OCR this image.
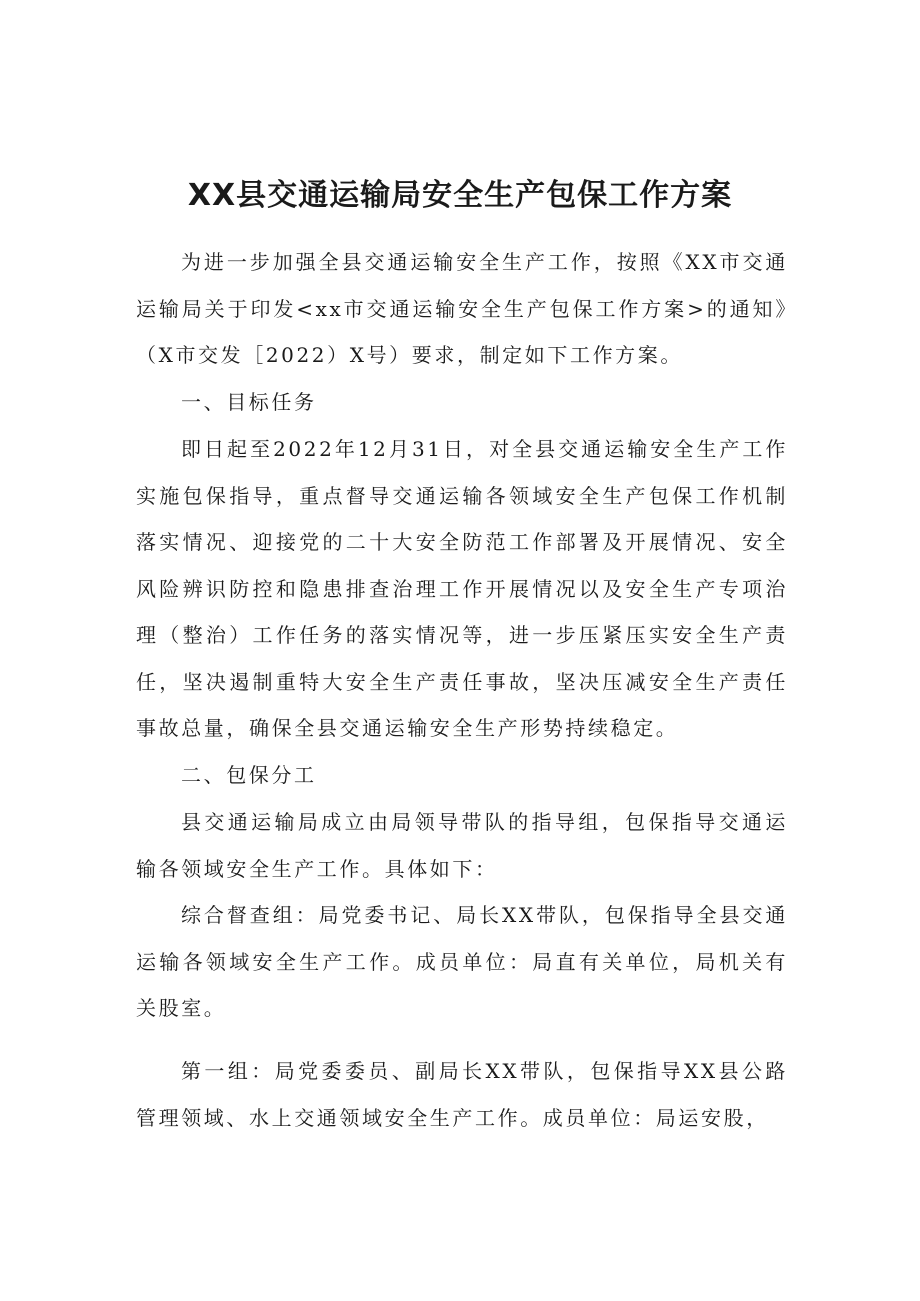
XX县交通运输局安全生产包保工作方案

为进一步加强全县交通运输安全生产工作，按照《XX市交通运输局关于印发<xx市交通运输安全生产包保工作方案>的通知》（X市交发［2022）X号）要求，制定如下工作方案。

一、目标任务

即日起至2022年12月31日，对全县交通运输安全生产工作实施包保指导，重点督导交通运输各领域安全生产包保工作机制落实情况、迎接党的二十大安全防范工作部署及开展情况、安全风险辨识防控和隐患排查治理工作开展情况以及安全生产专项治理（整治）工作任务的落实情况等，进一步压紧压实安全生产责任，坚决遏制重特大安全生产责任事故，坚决压减安全生产责任事故总量，确保全县交通运输安全生产形势持续稳定。

二、包保分工

县交通运输局成立由局领导带队的指导组，包保指导交通运输各领域安全生产工作。具体如下：

综合督查组：局党委书记、局长XX带队，包保指导全县交通运输各领域安全生产工作。成员单位：局直有关单位，局机关有关股室。

第一组：局党委委员、副局长XX带队，包保指导XX县公路管理领域、水上交通领域安全生产工作。成员单位：局运安股，
